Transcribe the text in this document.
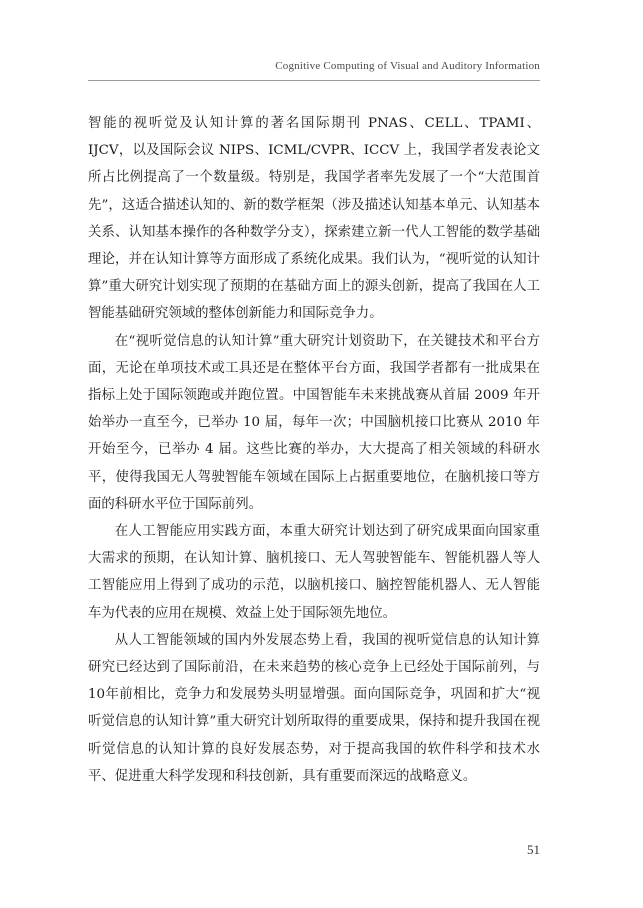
Cognitive Computing of Visual and Auditory Information

智能的视听觉及认知计算的著名国际期刊 PNAS、CELL、TPAMI、IJCV，以及国际会议 NIPS、ICML/CVPR、ICCV 上，我国学者发表论文所占比例提高了一个数量级。特别是，我国学者率先发展了一个“大范围首先”，这适合描述认知的、新的数学框架（涉及描述认知基本单元、认知基本关系、认知基本操作的各种数学分支），探索建立新一代人工智能的数学基础理论，并在认知计算等方面形成了系统化成果。我们认为，“视听觉的认知计算”重大研究计划实现了预期的在基础方面上的源头创新，提高了我国在人工智能基础研究领域的整体创新能力和国际竞争力。

在“视听觉信息的认知计算”重大研究计划资助下，在关键技术和平台方面，无论在单项技术或工具还是在整体平台方面，我国学者都有一批成果在指标上处于国际领跑或并跑位置。中国智能车未来挑战赛从首届 2009 年开始举办一直至今，已举办 10 届，每年一次；中国脑机接口比赛从 2010 年开始至今，已举办 4 届。这些比赛的举办，大大提高了相关领域的科研水平，使得我国无人驾驶智能车领域在国际上占据重要地位，在脑机接口等方面的科研水平位于国际前列。

在人工智能应用实践方面，本重大研究计划达到了研究成果面向国家重大需求的预期，在认知计算、脑机接口、无人驾驶智能车、智能机器人等人工智能应用上得到了成功的示范，以脑机接口、脑控智能机器人、无人智能车为代表的应用在规模、效益上处于国际领先地位。

从人工智能领域的国内外发展态势上看，我国的视听觉信息的认知计算研究已经达到了国际前沿，在未来趋势的核心竞争上已经处于国际前列，与10年前相比，竞争力和发展势头明显增强。面向国际竞争，巩固和扩大“视听觉信息的认知计算”重大研究计划所取得的重要成果，保持和提升我国在视听觉信息的认知计算的良好发展态势，对于提高我国的软件科学和技术水平、促进重大科学发现和科技创新，具有重要而深远的战略意义。

51
